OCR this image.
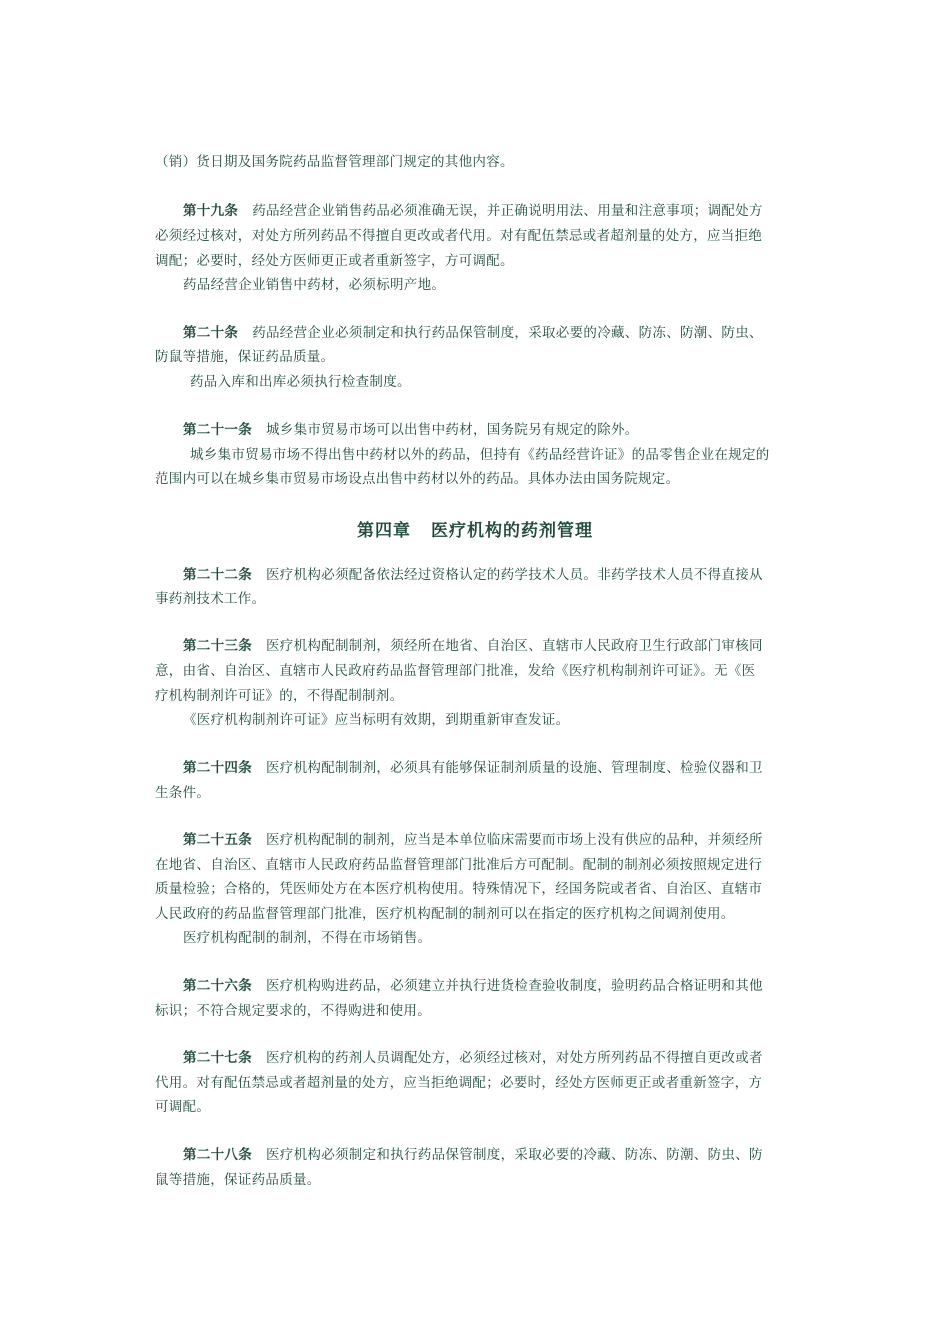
（销）货日期及国务院药品监督管理部门规定的其他内容。
第十九条 药品经营企业销售药品必须准确无误，并正确说明用法、用量和注意事项；调配处方
必须经过核对，对处方所列药品不得擅自更改或者代用。对有配伍禁忌或者超剂量的处方，应当拒绝
调配；必要时，经处方医师更正或者重新签字，方可调配。
药品经营企业销售中药材，必须标明产地。
第二十条 药品经营企业必须制定和执行药品保管制度，采取必要的冷藏、防冻、防潮、防虫、
防鼠等措施，保证药品质量。
药品入库和出库必须执行检查制度。
第二十一条 城乡集市贸易市场可以出售中药材，国务院另有规定的除外。
城乡集市贸易市场不得出售中药材以外的药品，但持有《药品经营许证》的品零售企业在规定的
范围内可以在城乡集市贸易市场设点出售中药材以外的药品。具体办法由国务院规定。
第四章 医疗机构的药剂管理
第二十二条 医疗机构必须配备依法经过资格认定的药学技术人员。非药学技术人员不得直接从
事药剂技术工作。
第二十三条 医疗机构配制制剂，须经所在地省、自治区、直辖市人民政府卫生行政部门审核同
意，由省、自治区、直辖市人民政府药品监督管理部门批准，发给《医疗机构制剂许可证》。无《医
疗机构制剂许可证》的，不得配制制剂。
《医疗机构制剂许可证》应当标明有效期，到期重新审查发证。
第二十四条 医疗机构配制制剂，必须具有能够保证制剂质量的设施、管理制度、检验仪器和卫
生条件。
第二十五条 医疗机构配制的制剂，应当是本单位临床需要而市场上没有供应的品种，并须经所
在地省、自治区、直辖市人民政府药品监督管理部门批准后方可配制。配制的制剂必须按照规定进行
质量检验；合格的，凭医师处方在本医疗机构使用。特殊情况下，经国务院或者省、自治区、直辖市
人民政府的药品监督管理部门批准，医疗机构配制的制剂可以在指定的医疗机构之间调剂使用。
医疗机构配制的制剂，不得在市场销售。
第二十六条 医疗机构购进药品，必须建立并执行进货检查验收制度，验明药品合格证明和其他
标识；不符合规定要求的，不得购进和使用。
第二十七条 医疗机构的药剂人员调配处方，必须经过核对，对处方所列药品不得擅自更改或者
代用。对有配伍禁忌或者超剂量的处方，应当拒绝调配；必要时，经处方医师更正或者重新签字，方
可调配。
第二十八条 医疗机构必须制定和执行药品保管制度，采取必要的冷藏、防冻、防潮、防虫、防
鼠等措施，保证药品质量。
